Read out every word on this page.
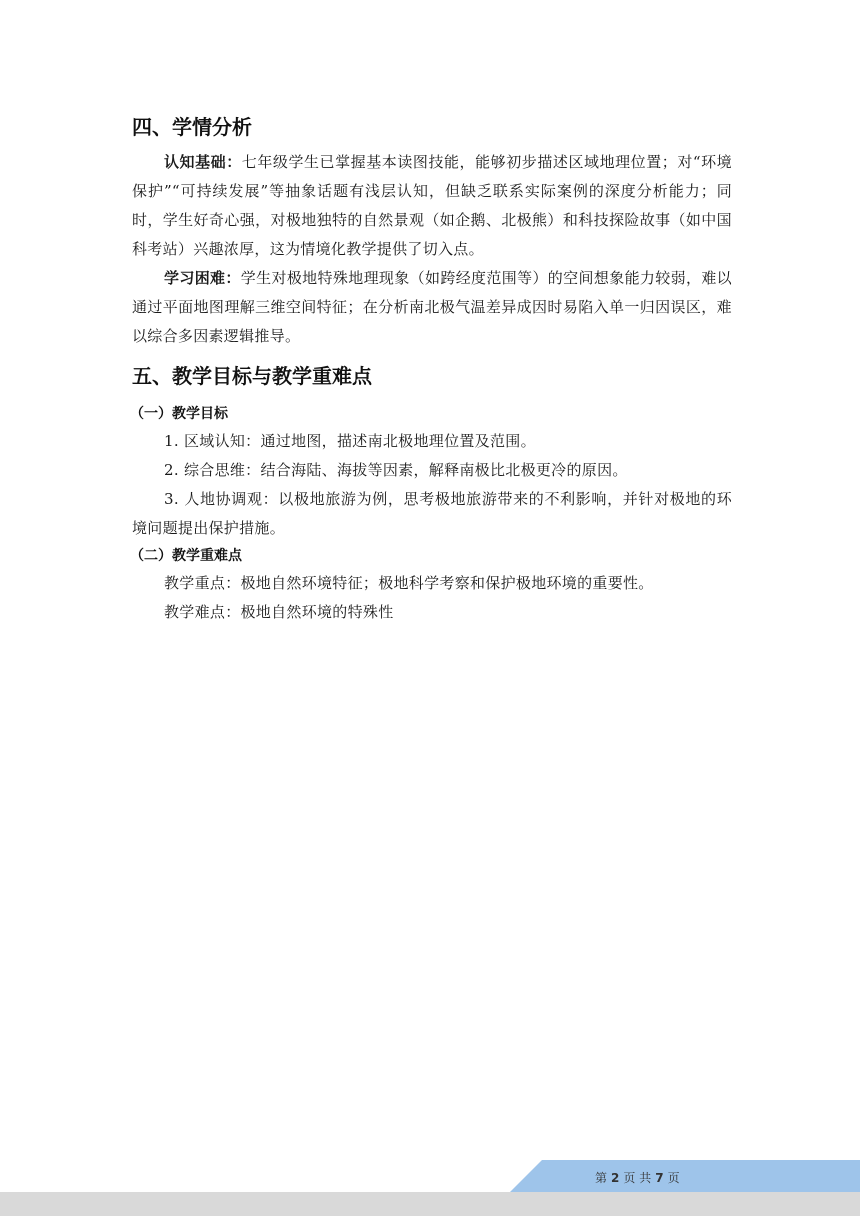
四、学情分析

认知基础：七年级学生已掌握基本读图技能，能够初步描述区域地理位置；对“环境保护”“可持续发展”等抽象话题有浅层认知，但缺乏联系实际案例的深度分析能力；同时，学生好奇心强，对极地独特的自然景观（如企鹅、北极熊）和科技探险故事（如中国科考站）兴趣浓厚，这为情境化教学提供了切入点。

学习困难：学生对极地特殊地理现象（如跨经度范围等）的空间想象能力较弱，难以通过平面地图理解三维空间特征；在分析南北极气温差异成因时易陷入单一归因误区，难以综合多因素逻辑推导。

五、教学目标与教学重难点
（一）教学目标

1. 区域认知：通过地图，描述南北极地理位置及范围。

2. 综合思维：结合海陆、海拔等因素，解释南极比北极更冷的原因。

3. 人地协调观：以极地旅游为例，思考极地旅游带来的不利影响，并针对极地的环境问题提出保护措施。

（二）教学重难点

教学重点：极地自然环境特征；极地科学考察和保护极地环境的重要性。

教学难点：极地自然环境的特殊性

第 2 页 共 7 页
